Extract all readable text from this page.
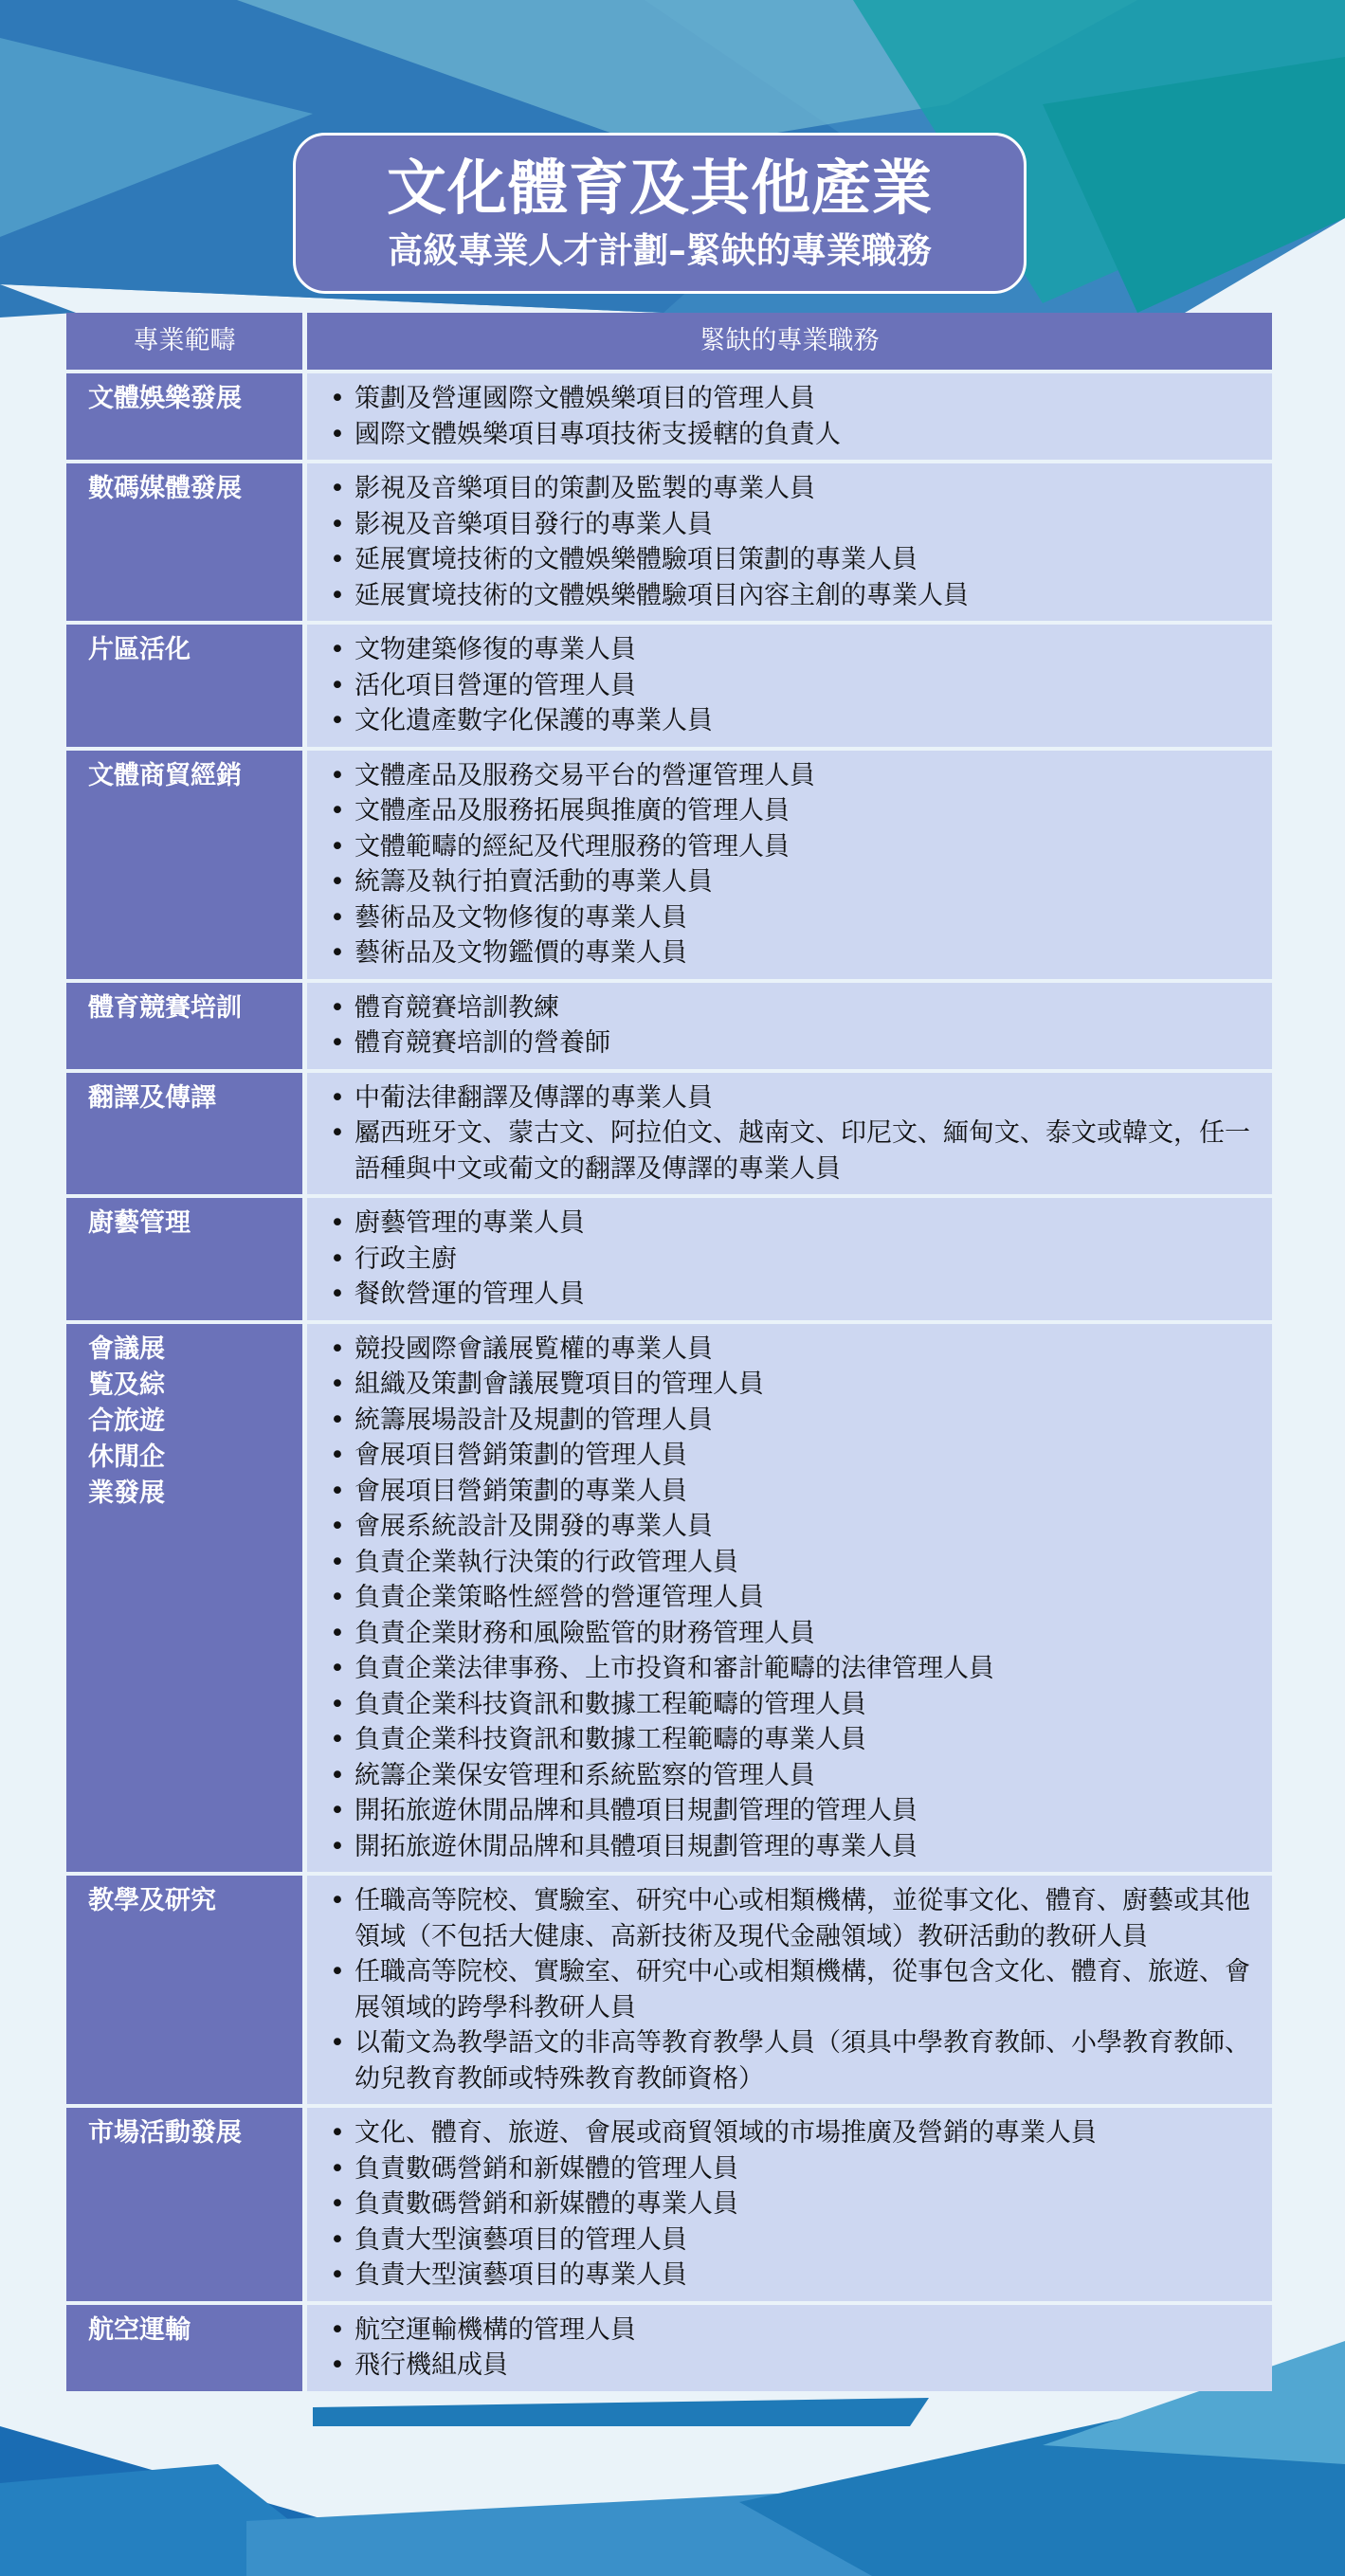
文化體育及其他產業
高級專業人才計劃–緊缺的專業職務
專業範疇	緊缺的專業職務
文體娛樂發展	• 策劃及營運國際文體娛樂項目的管理人員
• 國際文體娛樂項目專項技術支援轄的負責人
數碼媒體發展	• 影視及音樂項目的策劃及監製的專業人員
• 影視及音樂項目發行的專業人員
• 延展實境技術的文體娛樂體驗項目策劃的專業人員
• 延展實境技術的文體娛樂體驗項目內容主創的專業人員
片區活化	• 文物建築修復的專業人員
• 活化項目營運的管理人員
• 文化遺產數字化保護的專業人員
文體商貿經銷	• 文體產品及服務交易平台的營運管理人員
• 文體產品及服務拓展與推廣的管理人員
• 文體範疇的經紀及代理服務的管理人員
• 統籌及執行拍賣活動的專業人員
• 藝術品及文物修復的專業人員
• 藝術品及文物鑑價的專業人員
體育競賽培訓	• 體育競賽培訓教練
• 體育競賽培訓的營養師
翻譯及傳譯	• 中葡法律翻譯及傳譯的專業人員
• 屬西班牙文、蒙古文、阿拉伯文、越南文、印尼文、緬甸文、泰文或韓文，任一語種與中文或葡文的翻譯及傳譯的專業人員
廚藝管理	• 廚藝管理的專業人員
• 行政主廚
• 餐飲營運的管理人員
會議展覧及綜合旅遊休閒企業發展
• 競投國際會議展覧權的專業人員
• 組織及策劃會議展覽項目的管理人員
• 統籌展場設計及規劃的管理人員
• 會展項目營銷策劃的管理人員
• 會展項目營銷策劃的專業人員
• 會展系統設計及開發的專業人員
• 負責企業執行決策的行政管理人員
• 負責企業策略性經營的營運管理人員
• 負責企業財務和風險監管的財務管理人員
• 負責企業法律事務、上市投資和審計範疇的法律管理人員
• 負責企業科技資訊和數據工程範疇的管理人員
• 負責企業科技資訊和數據工程範疇的專業人員
• 統籌企業保安管理和系統監察的管理人員
• 開拓旅遊休閒品牌和具體項目規劃管理的管理人員
• 開拓旅遊休閒品牌和具體項目規劃管理的專業人員
教學及研究	• 任職高等院校、實驗室、研究中心或相類機構，並從事文化、體育、廚藝或其他領域（不包括大健康、高新技術及現代金融領域）教研活動的教研人員
• 任職高等院校、實驗室、研究中心或相類機構，從事包含文化、體育、旅遊、會展領域的跨學科教研人員
• 以葡文為教學語文的非高等教育教學人員（須具中學教育教師、小學教育教師、幼兒教育教師或特殊教育教師資格）
市場活動發展	• 文化、體育、旅遊、會展或商貿領域的市場推廣及營銷的專業人員
• 負責數碼營銷和新媒體的管理人員
• 負責數碼營銷和新媒體的專業人員
• 負責大型演藝項目的管理人員
• 負責大型演藝項目的專業人員
航空運輸	• 航空運輸機構的管理人員
• 飛行機組成員
